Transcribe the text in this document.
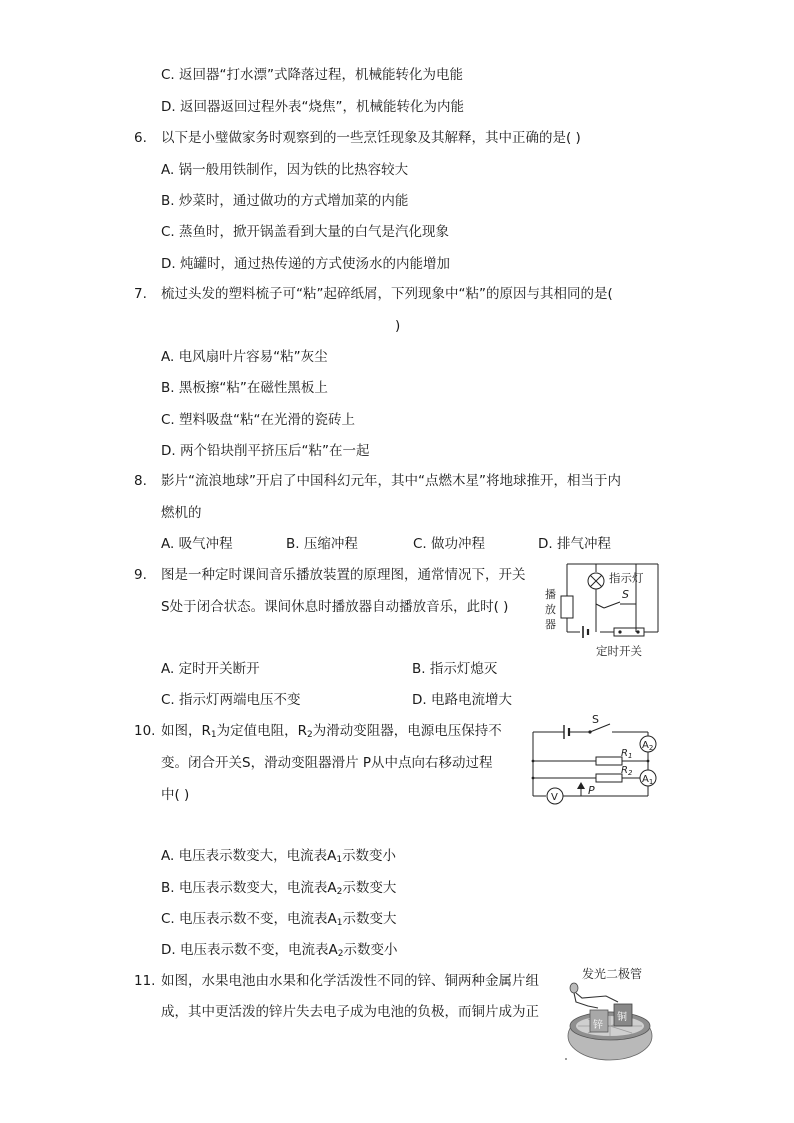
C. 返回器“打水漂”式降落过程，机械能转化为电能
D. 返回器返回过程外表“烧焦”，机械能转化为内能
6. 以下是小璧做家务时观察到的一些烹饪现象及其解释，其中正确的是( )
A. 锅一般用铁制作，因为铁的比热容较大
B. 炒菜时，通过做功的方式增加菜的内能
C. 蒸鱼时，掀开锅盖看到大量的白气是汽化现象
D. 炖罐时，通过热传递的方式使汤水的内能增加
7. 梳过头发的塑料梳子可“粘”起碎纸屑，下列现象中“粘”的原因与其相同的是(
)
A. 电风扇叶片容易“粘”灰尘
B. 黑板擦“粘”在磁性黑板上
C. 塑料吸盘“粘“在光滑的瓷砖上
D. 两个铅块削平挤压后“粘”在一起
8. 影片“流浪地球”开启了中国科幻元年，其中“点燃木星”将地球推开，相当于内
燃机的
A. 吸气冲程	B. 压缩冲程	C. 做功冲程	D. 排气冲程
9. 图是一种定时课间音乐播放装置的原理图，通常情况下，开关
S处于闭合状态。课间休息时播放器自动播放音乐，此时( )
A. 定时开关断开	B. 指示灯熄灭
C. 指示灯两端电压不变	D. 电路电流增大
指示灯
播
放
器
S
定时开关
10. 如图，$R_1$为定值电阻，$R_2$为滑动变阻器，电源电压保持不
变。闭合开关S，滑动变阻器滑片 P从中点向右移动过程
中( )
A. 电压表示数变大，电流表$A_1$示数变小
B. 电压表示数变大，电流表$A_2$示数变大
C. 电压表示数不变，电流表$A_1$示数变大
D. 电压表示数不变，电流表$A_2$示数变小
S
$R_1$
$R_2$
P
$A_2$
$A_1$
V
11. 如图，水果电池由水果和化学活泼性不同的锌、铜两种金属片组
成，其中更活泼的锌片失去电子成为电池的负极，而铜片成为正
发光二极管
锌
铜
